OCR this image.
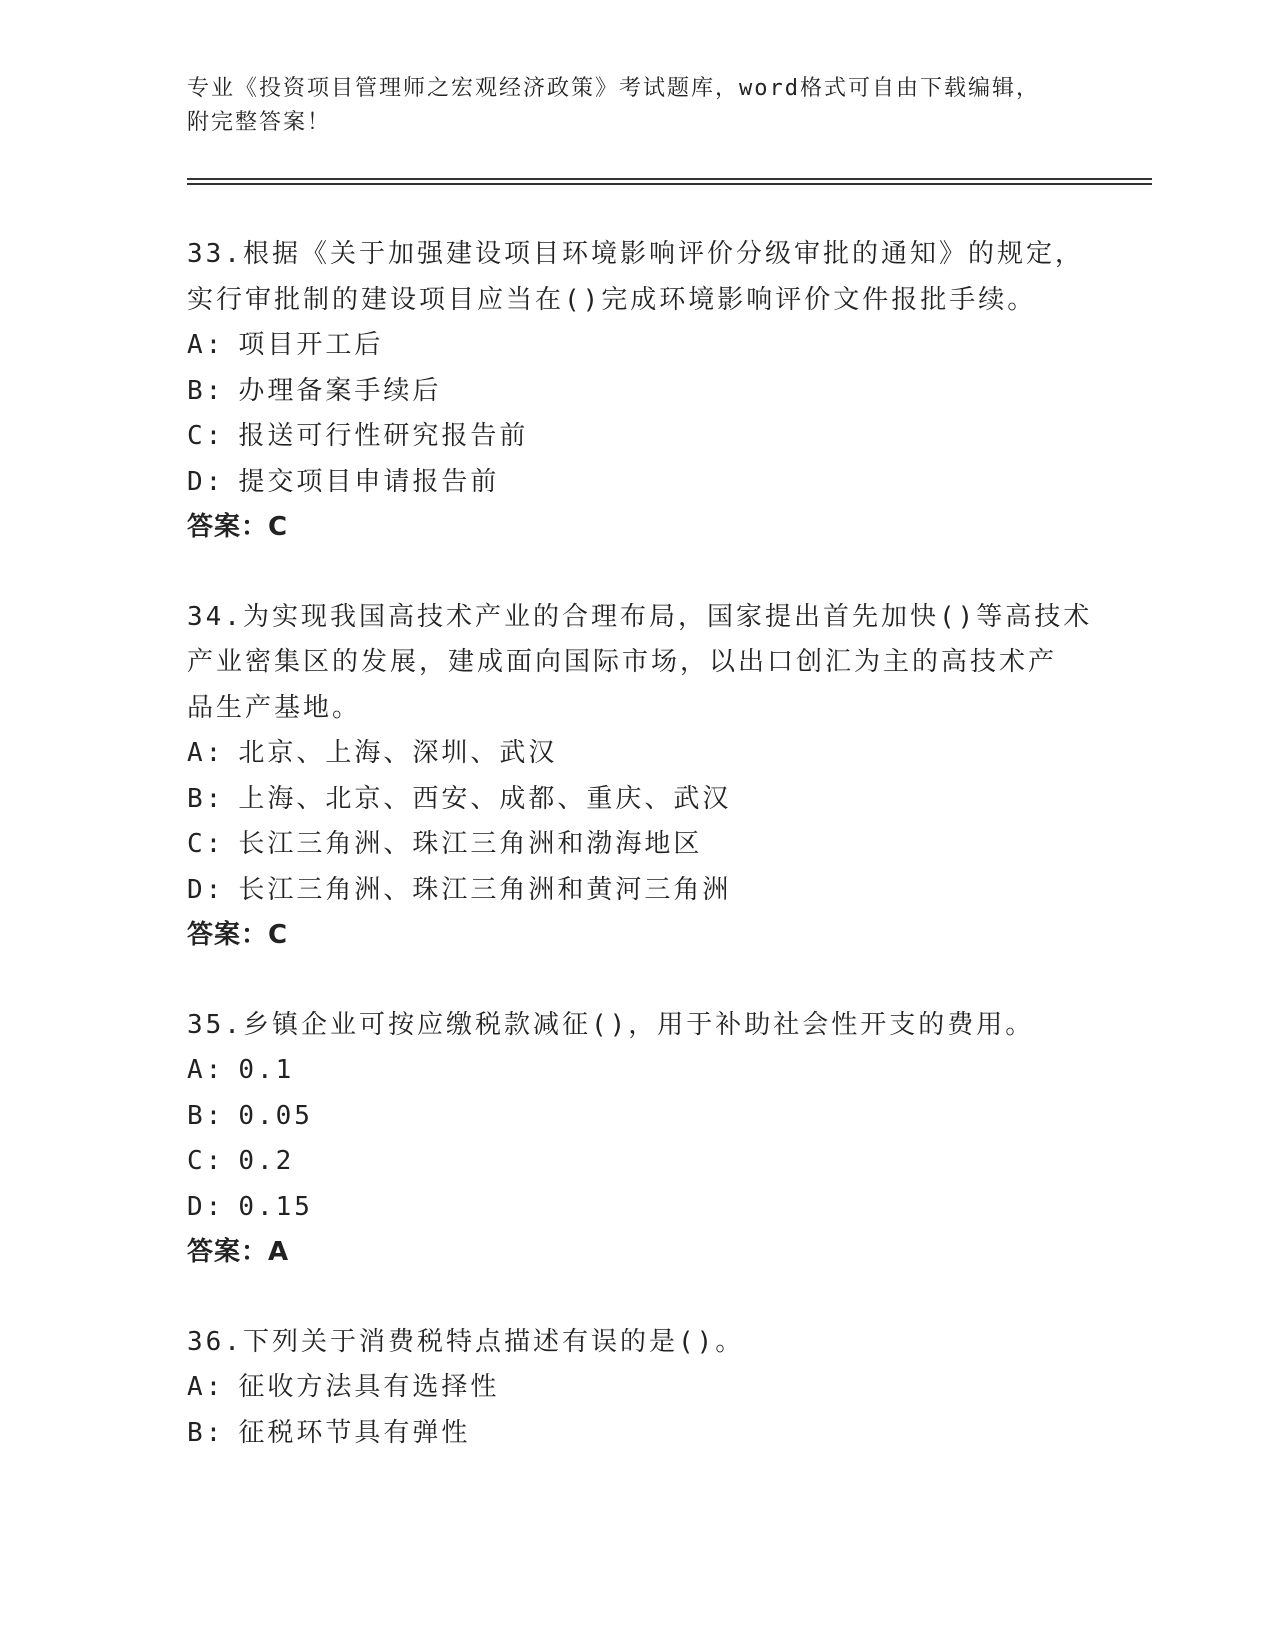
专业《投资项目管理师之宏观经济政策》考试题库，word格式可自由下载编辑，
附完整答案！
33.根据《关于加强建设项目环境影响评价分级审批的通知》的规定，
实行审批制的建设项目应当在()完成环境影响评价文件报批手续。
A: 项目开工后
B: 办理备案手续后
C: 报送可行性研究报告前
D: 提交项目申请报告前
答案：C
34.为实现我国高技术产业的合理布局，国家提出首先加快()等高技术
产业密集区的发展，建成面向国际市场，以出口创汇为主的高技术产
品生产基地。
A: 北京、上海、深圳、武汉
B: 上海、北京、西安、成都、重庆、武汉
C: 长江三角洲、珠江三角洲和渤海地区
D: 长江三角洲、珠江三角洲和黄河三角洲
答案：C
35.乡镇企业可按应缴税款减征()，用于补助社会性开支的费用。
A: 0.1
B: 0.05
C: 0.2
D: 0.15
答案：A
36.下列关于消费税特点描述有误的是()。
A: 征收方法具有选择性
B: 征税环节具有弹性
